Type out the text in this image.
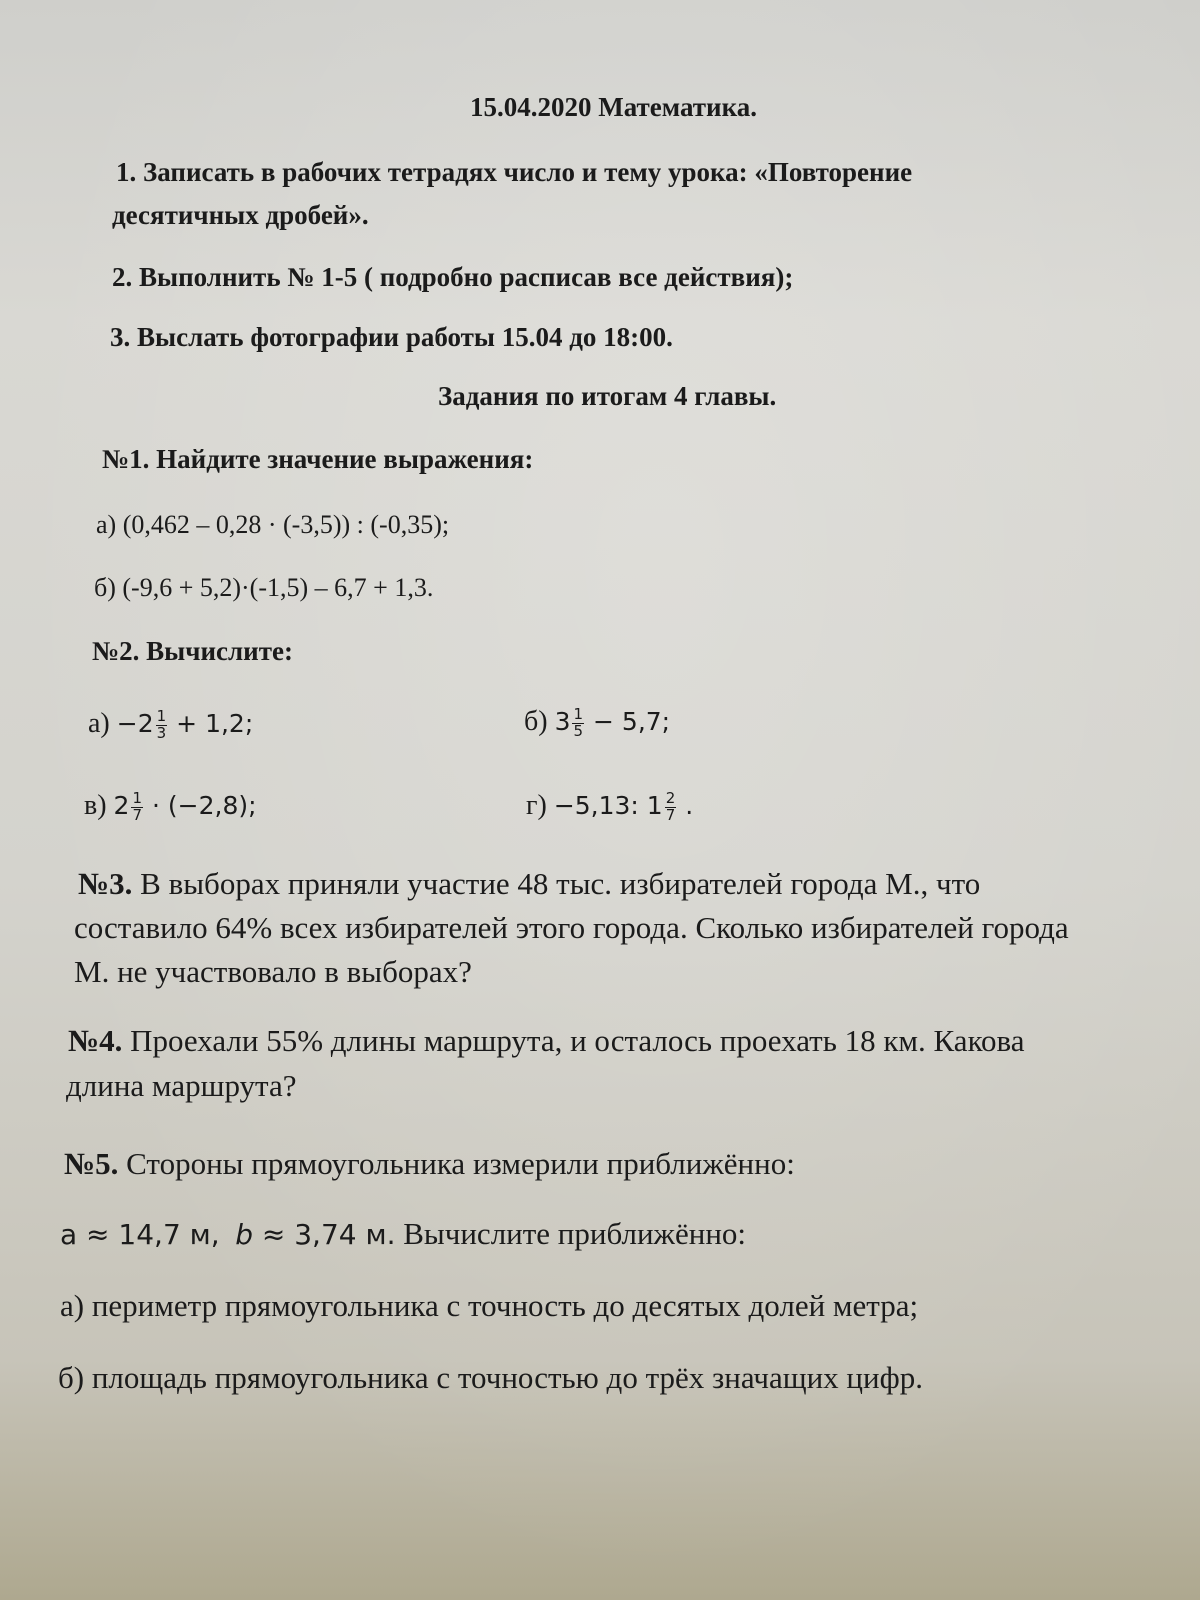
15.04.2020 Математика.
1. Записать в рабочих тетрадях число и тему урока: «Повторение
десятичных дробей».
2. Выполнить № 1-5 ( подробно расписав все действия);
3. Выслать фотографии работы 15.04 до 18:00.
Задания по итогам 4 главы.
№1. Найдите значение выражения:
а) (0,462 – 0,28 · (-3,5)) : (-0,35);
б) (-9,6 + 5,2)·(-1,5) – 6,7 + 1,3.
№2. Вычислите:
$а) -2 \frac{1}{3} + 1,2$;	б) $3 \frac{1}{5} - 5,7$;
в) $2 \frac{1}{7} \cdot (-2,8)$;	г) −5,13: $1 \frac{2}{7}$ .
№3. В выборах приняли участие 48 тыс. избирателей города М., что
составило 64% всех избирателей этого города. Сколько избирателей города
М. не участвовало в выборах?
№4. Проехали 55% длины маршрута, и осталось проехать 18 км. Какова
длина маршрута?
№5. Стороны прямоугольника измерили приближённо:
a ≈ 14,7 м, b ≈ 3,74 м. Вычислите приближённо:
а) периметр прямоугольника с точность до десятых долей метра;
б) площадь прямоугольника с точностью до трёх значащих цифр.
